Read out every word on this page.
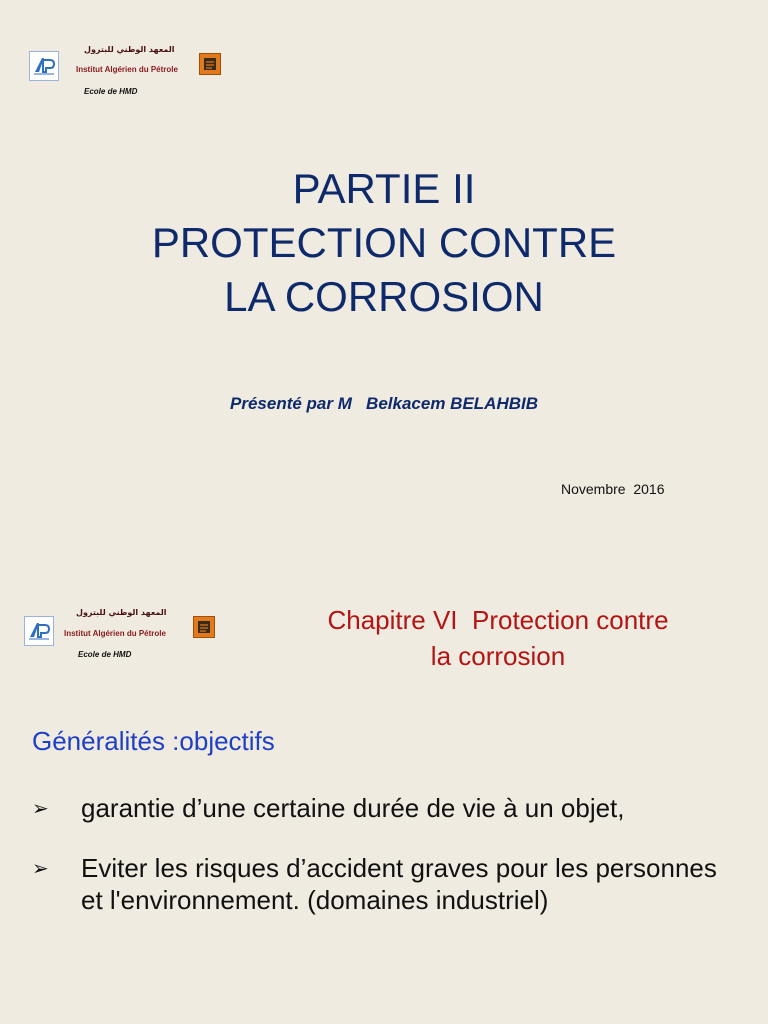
المعهد الوطني للبترول
Institut Algérien du Pétrole
Ecole de HMD
PARTIE II
PROTECTION CONTRE
LA CORROSION
Présenté par M   Belkacem BELAHBIB
Novembre  2016
المعهد الوطني للبترول
Institut Algérien du Pétrole
Ecole de HMD
Chapitre VI  Protection contre
la corrosion
Généralités :objectifs
➢ garantie d’une certaine durée de vie à un objet,
➢ Eviter les risques d’accident graves pour les personnes et l'environnement. (domaines industriel)
